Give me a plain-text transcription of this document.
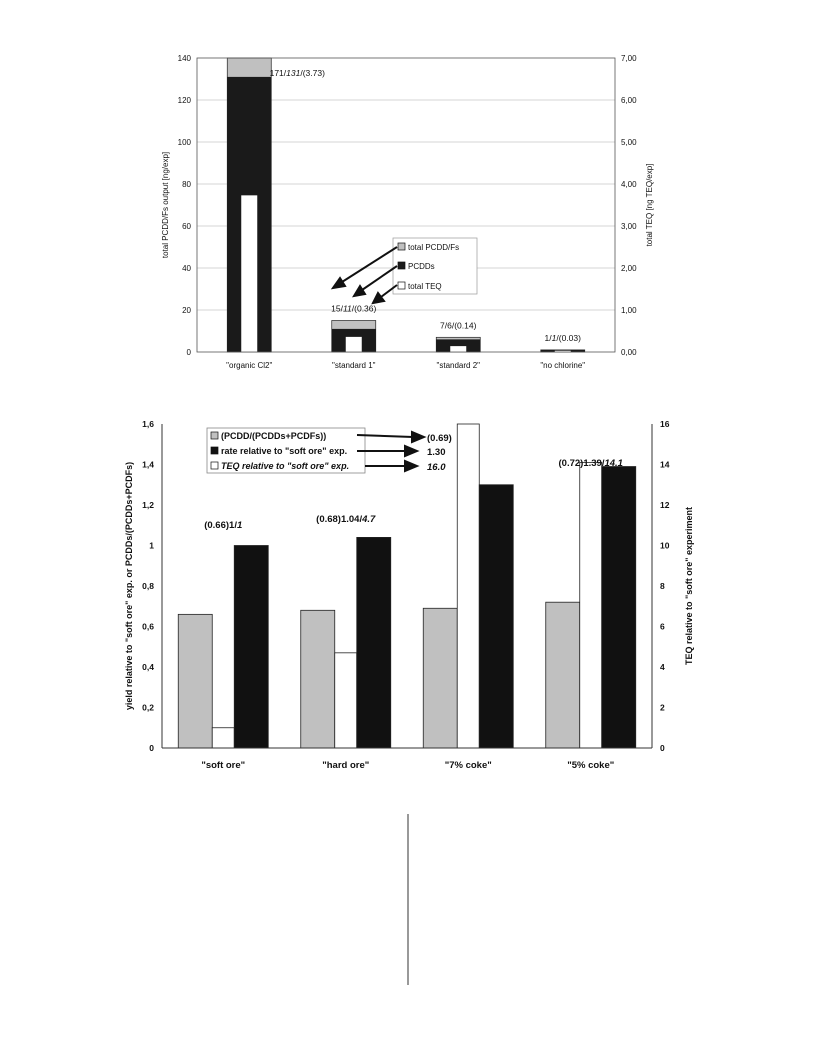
0
20
40
60
80
100
120
140
0,00
1,00
2,00
3,00
4,00
5,00
6,00
7,00
"organic Cl2"	"standard 1"	"standard 2"	"no chlorine"
171/131/(3.73)
15/11/(0.36)
7/6/(0.14)
1/1/(0.03)
total PCDD/Fs output [ng/exp]	total TEQ [ng TEQ/exp]
total PCDD/Fs
PCDDs
total TEQ
0
0,2
0,4
0,6
0,8
1
1,2
1,4
1,6
0
2
4
6
8
10
12
14
16
"soft ore"	"hard ore"	"7% coke"	"5% coke"
(0.66)1/1
(0.68)1.04/4.7
(0.72)1.39/14.1
yield relative to "soft ore" exp. or PCDDs/(PCDDs+PCDFs)	TEQ relative to "soft ore" experiment
(PCDD/(PCDDs+PCDFs))
rate relative to "soft ore" exp.
TEQ relative to "soft ore" exp.
(0.69)
1.30
16.0
